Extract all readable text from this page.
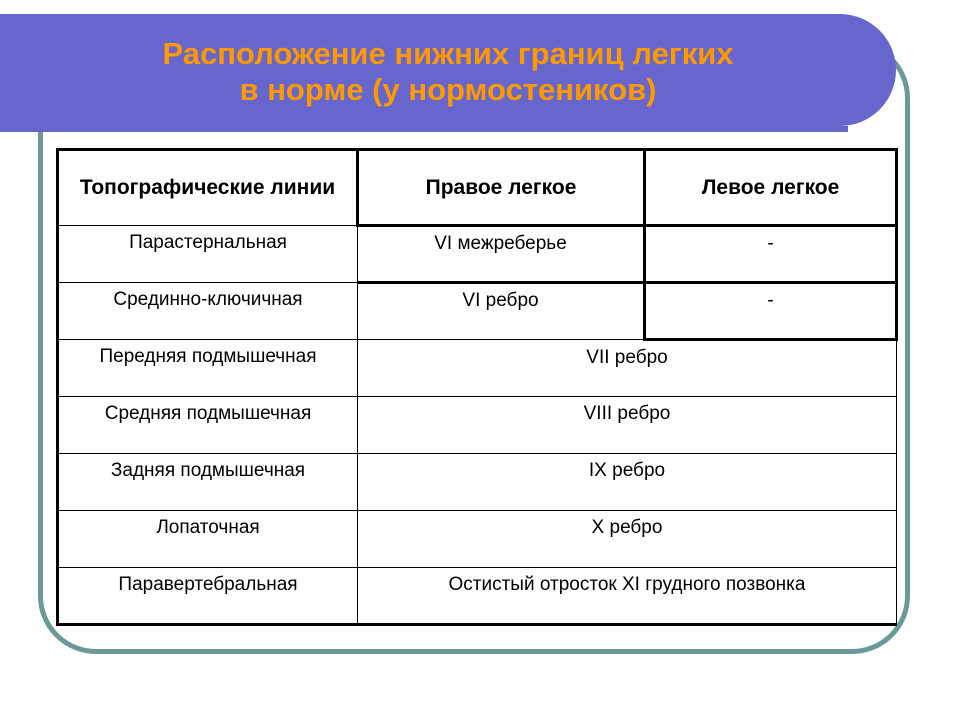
Расположение нижних границ легких
в норме (у нормостеников)
Топографические линии	Правое легкое	Левое легкое
Парастернальная	VI межреберье	-
Срединно-ключичная	VI ребро	-
Передняя подмышечная	VII ребро	
Средняя подмышечная	VIII ребро	
Задняя подмышечная	IX ребро	
Лопаточная	X ребро	
Паравертебральная	Остистый отросток XI грудного позвонка	
